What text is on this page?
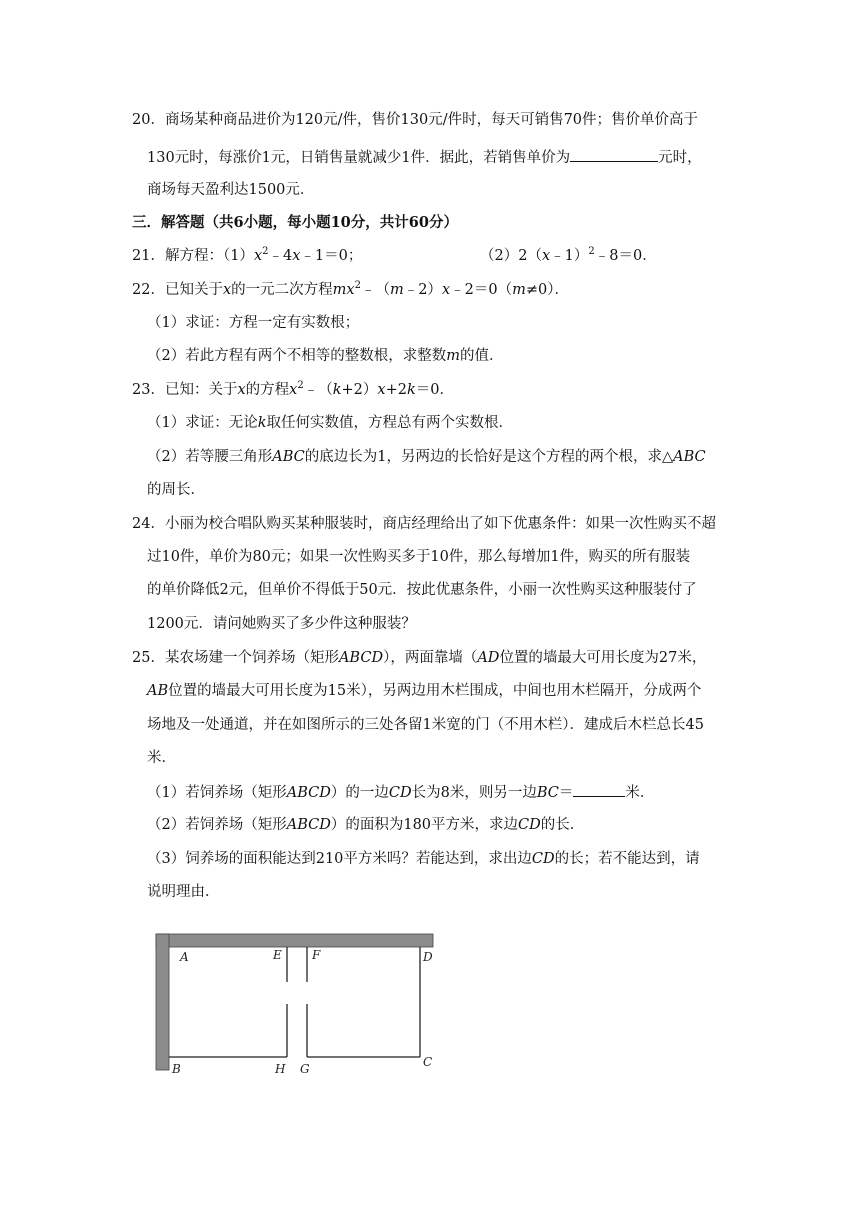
20．商场某种商品进价为120元/件，售价130元/件时，每天可销售70件；售价单价高于
130元时，每涨价1元，日销售量就减少1件．据此，若销售单价为	元时，
商场每天盈利达1500元．
三．解答题（共6小题，每小题10分，共计60分）
21．解方程：$(1)x^2﹣4x﹣1=0$；	（2）2（x﹣1）$^2$﹣8＝0．
22．已知关于x的一元二次方程$mx^2﹣(m﹣2)x﹣2=0(m\ne 0)$．
（1）求证：方程一定有实数根；
（2）若此方程有两个不相等的整数根，求整数m的值．
23．已知：关于x的方程$x^2﹣(k+2)x+2k=0$．
（1）求证：无论k取任何实数值，方程总有两个实数根．
（2）若等腰三角形ABC的底边长为1，另两边的长恰好是这个方程的两个根，求△ABC
的周长．
24．小丽为校合唱队购买某种服装时，商店经理给出了如下优惠条件：如果一次性购买不超
过10件，单价为80元；如果一次性购买多于10件，那么每增加1件，购买的所有服装
的单价降低2元，但单价不得低于50元．按此优惠条件，小丽一次性购买这种服装付了
1200元．请问她购买了多少件这种服装？
25．某农场建一个饲养场（矩形ABCD），两面靠墙（AD位置的墙最大可用长度为27米，
AB位置的墙最大可用长度为15米），另两边用木栏围成，中间也用木栏隔开，分成两个
场地及一处通道，并在如图所示的三处各留1米宽的门（不用木栏）．建成后木栏总长45
米．
（1）若饲养场（矩形ABCD）的一边CD长为8米，则另一边BC＝	米．
（2）若饲养场（矩形ABCD）的面积为180平方米，求边CD的长．
（3）饲养场的面积能达到210平方米吗？若能达到，求出边CD的长；若不能达到，请
说明理由．
A	E	F	D
B	H G	C
